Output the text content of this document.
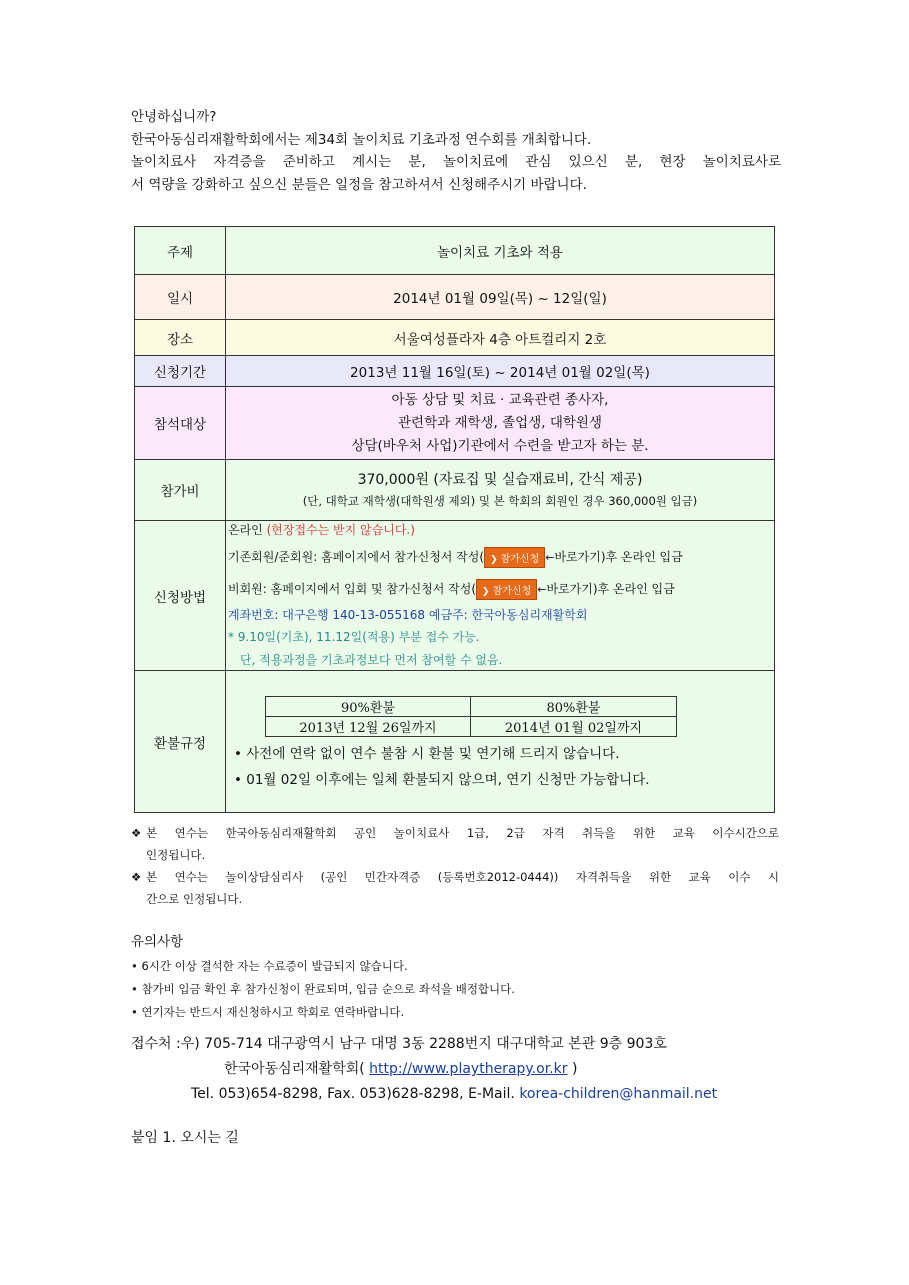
안녕하십니까?
한국아동심리재활학회에서는 제34회 놀이치료 기초과정 연수회를 개최합니다.
놀이치료사 자격증을 준비하고 계시는 분, 놀이치료에 관심 있으신 분, 현장 놀이치료사로
서 역량을 강화하고 싶으신 분들은 일정을 참고하셔서 신청해주시기 바랍니다.
주제	놀이치료 기초와 적용
일시	2014년 01월 09일(목) ~ 12일(일)
장소	서울여성플라자 4층 아트컬리지 2호
신청기간	2013년 11월 16일(토) ~ 2014년 01월 02일(목)
참석대상	
아동 상담 및 치료 · 교육관련 종사자,
관련학과 재학생, 졸업생, 대학원생
상담(바우처 사업)기관에서 수련을 받고자 하는 분.

참가비	
370,000원 (자료집 및 실습재료비, 간식 제공)
(단, 대학교 재학생(대학원생 제외) 및 본 학회의 회원인 경우 360,000원 입금)

신청방법	
온라인 (현장접수는 받지 않습니다.)
기존회원/준회원: 홈페이지에서 참가신청서 작성( ❯ 참가신청 ←바로가기)후 온라인 입금
비회원: 홈페이지에서 입회 및 참가신청서 작성( ❯ 참가신청 ←바로가기)후 온라인 입금
계좌번호: 대구은행 140-13-055168 예금주: 한국아동심리재활학회
* 9.10일(기초), 11.12일(적용) 부분 접수 가능.
단, 적용과정을 기초과정보다 먼저 참여할 수 없음.

환불규정	
90%환불	80%환불
2013년 12월 26일까지	2014년 01월 02일까지
• 사전에 연락 없이 연수 불참 시 환불 및 연기해 드리지 않습니다.
• 01월 02일 이후에는 일체 환불되지 않으며, 연기 신청만 가능합니다.
❖ 본 연수는 한국아동심리재활학회 공인 놀이치료사 1급, 2급 자격 취득을 위한 교육 이수시간으로
인정됩니다.
❖ 본 연수는 놀이상담심리사 (공인 민간자격증 (등록번호2012-0444)) 자격취득을 위한 교육 이수 시
간으로 인정됩니다.
유의사항
• 6시간 이상 결석한 자는 수료증이 발급되지 않습니다.
• 참가비 입금 확인 후 참가신청이 완료되며, 입금 순으로 좌석을 배정합니다.
• 연기자는 반드시 재신청하시고 학회로 연락바랍니다.
접수처 :우) 705-714 대구광역시 남구 대명 3동 2288번지 대구대학교 본관 9층 903호
한국아동심리재활학회( http://www.playtherapy.or.kr )
Tel. 053)654-8298, Fax. 053)628-8298, E-Mail. korea-children@hanmail.net
붙임 1. 오시는 길
